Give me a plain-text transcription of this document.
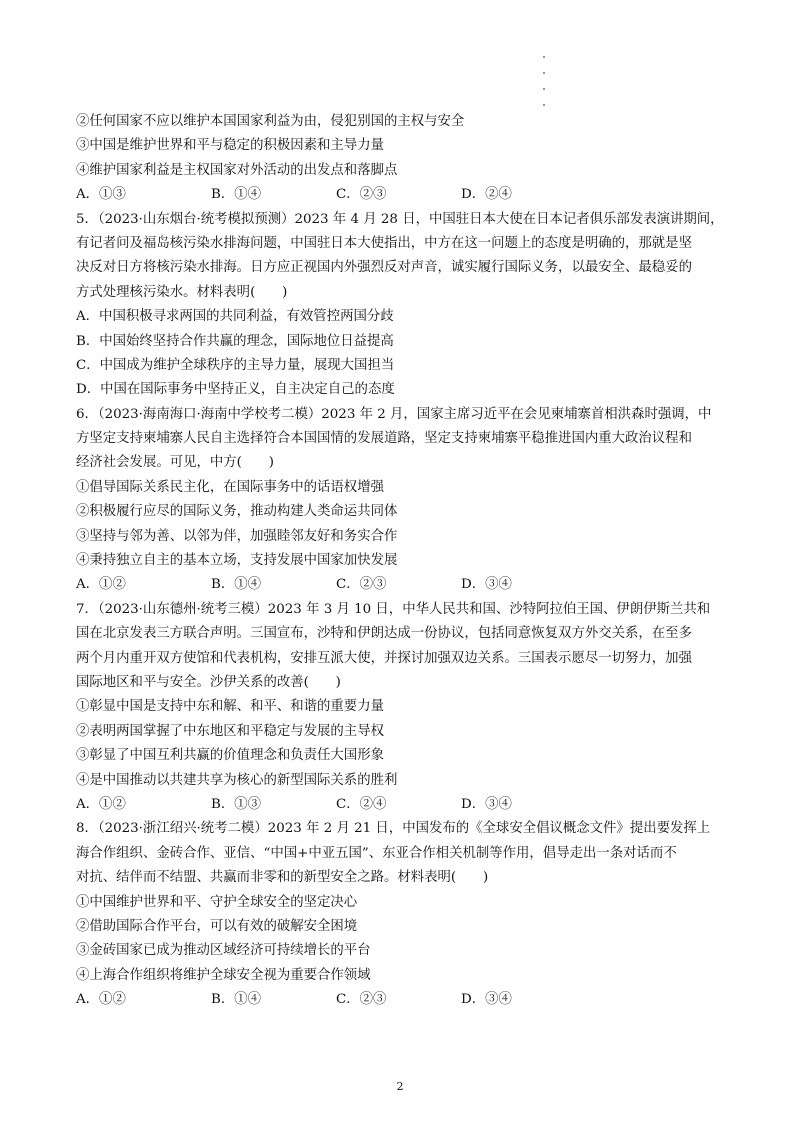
②任何国家不应以维护本国国家利益为由，侵犯别国的主权与安全
③中国是维护世界和平与稳定的积极因素和主导力量
④维护国家利益是主权国家对外活动的出发点和落脚点
A．①③	B．①④	C．②③	D．②④
5．（2023·山东烟台·统考模拟预测）2023 年 4 月 28 日，中国驻日本大使在日本记者俱乐部发表演讲期间，
有记者问及福岛核污染水排海问题，中国驻日本大使指出，中方在这一问题上的态度是明确的，那就是坚
决反对日方将核污染水排海。日方应正视国内外强烈反对声音，诚实履行国际义务，以最安全、最稳妥的
方式处理核污染水。材料表明(　　)
A．中国积极寻求两国的共同利益，有效管控两国分歧
B．中国始终坚持合作共赢的理念，国际地位日益提高
C．中国成为维护全球秩序的主导力量，展现大国担当
D．中国在国际事务中坚持正义，自主决定自己的态度
6．（2023·海南海口·海南中学校考二模）2023 年 2 月，国家主席习近平在会见柬埔寨首相洪森时强调，中
方坚定支持柬埔寨人民自主选择符合本国国情的发展道路，坚定支持柬埔寨平稳推进国内重大政治议程和
经济社会发展。可见，中方(　　)
①倡导国际关系民主化，在国际事务中的话语权增强
②积极履行应尽的国际义务，推动构建人类命运共同体
③坚持与邻为善、以邻为伴，加强睦邻友好和务实合作
④秉持独立自主的基本立场，支持发展中国家加快发展
A．①②	B．①④	C．②③	D．③④
7．（2023·山东德州·统考三模）2023 年 3 月 10 日，中华人民共和国、沙特阿拉伯王国、伊朗伊斯兰共和
国在北京发表三方联合声明。三国宣布，沙特和伊朗达成一份协议，包括同意恢复双方外交关系，在至多
两个月内重开双方使馆和代表机构，安排互派大使，并探讨加强双边关系。三国表示愿尽一切努力，加强
国际地区和平与安全。沙伊关系的改善(　　)
①彰显中国是支持中东和解、和平、和谐的重要力量
②表明两国掌握了中东地区和平稳定与发展的主导权
③彰显了中国互利共赢的价值理念和负责任大国形象
④是中国推动以共建共享为核心的新型国际关系的胜利
A．①②	B．①③	C．②④	D．③④
8．（2023·浙江绍兴·统考二模）2023 年 2 月 21 日，中国发布的《全球安全倡议概念文件》提出要发挥上
海合作组织、金砖合作、亚信、“中国+中亚五国”、东亚合作相关机制等作用，倡导走出一条对话而不
对抗、结伴而不结盟、共赢而非零和的新型安全之路。材料表明(　　)
①中国维护世界和平、守护全球安全的坚定决心
②借助国际合作平台，可以有效的破解安全困境
③金砖国家已成为推动区域经济可持续增长的平台
④上海合作组织将维护全球安全视为重要合作领域
A．①②	B．①④	C．②③	D．③④
2
